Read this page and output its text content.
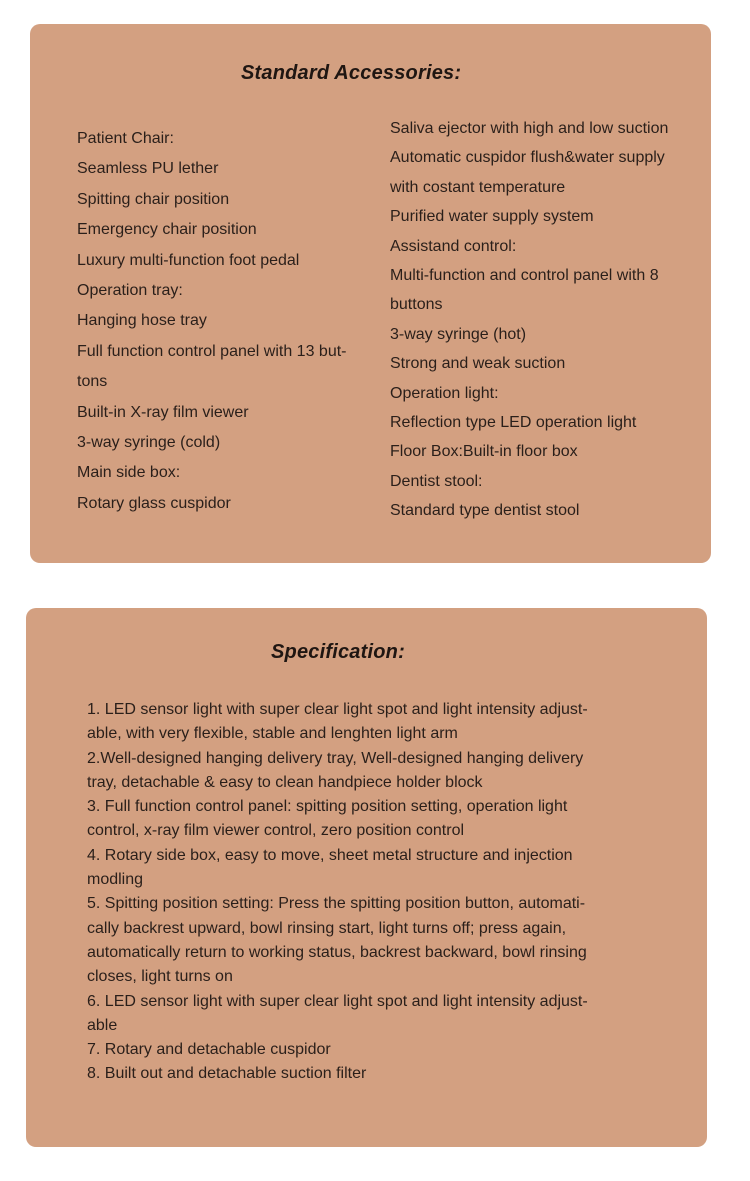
Standard Accessories:
Patient Chair:
Seamless PU lether
Spitting chair position
Emergency chair position
Luxury multi-function foot pedal
Operation tray:
Hanging hose tray
Full function control panel with 13 but-
tons
Built-in X-ray film viewer
3-way syringe (cold)
Main side box:
Rotary glass cuspidor
Saliva ejector with high and low suction
Automatic cuspidor flush&water supply
with costant temperature
Purified water supply system
Assistand control:
Multi-function and control panel with 8
buttons
3-way syringe (hot)
Strong and weak suction
Operation light:
Reflection type LED operation light
Floor Box:Built-in floor box
Dentist stool:
Standard type dentist stool
Specification:
1. LED sensor light with super clear light spot and light intensity adjust-
able, with very flexible, stable and lenghten light arm
2.Well-designed hanging delivery tray, Well-designed hanging delivery
tray, detachable & easy to clean handpiece holder block
3. Full function control panel: spitting position setting, operation light
control, x-ray film viewer control, zero position control
4. Rotary side box, easy to move, sheet metal structure and injection
modling
5. Spitting position setting: Press the spitting position button, automati-
cally backrest upward, bowl rinsing start, light turns off; press again,
automatically return to working status, backrest backward, bowl rinsing
closes, light turns on
6. LED sensor light with super clear light spot and light intensity adjust-
able
7. Rotary and detachable cuspidor
8. Built out and detachable suction filter
